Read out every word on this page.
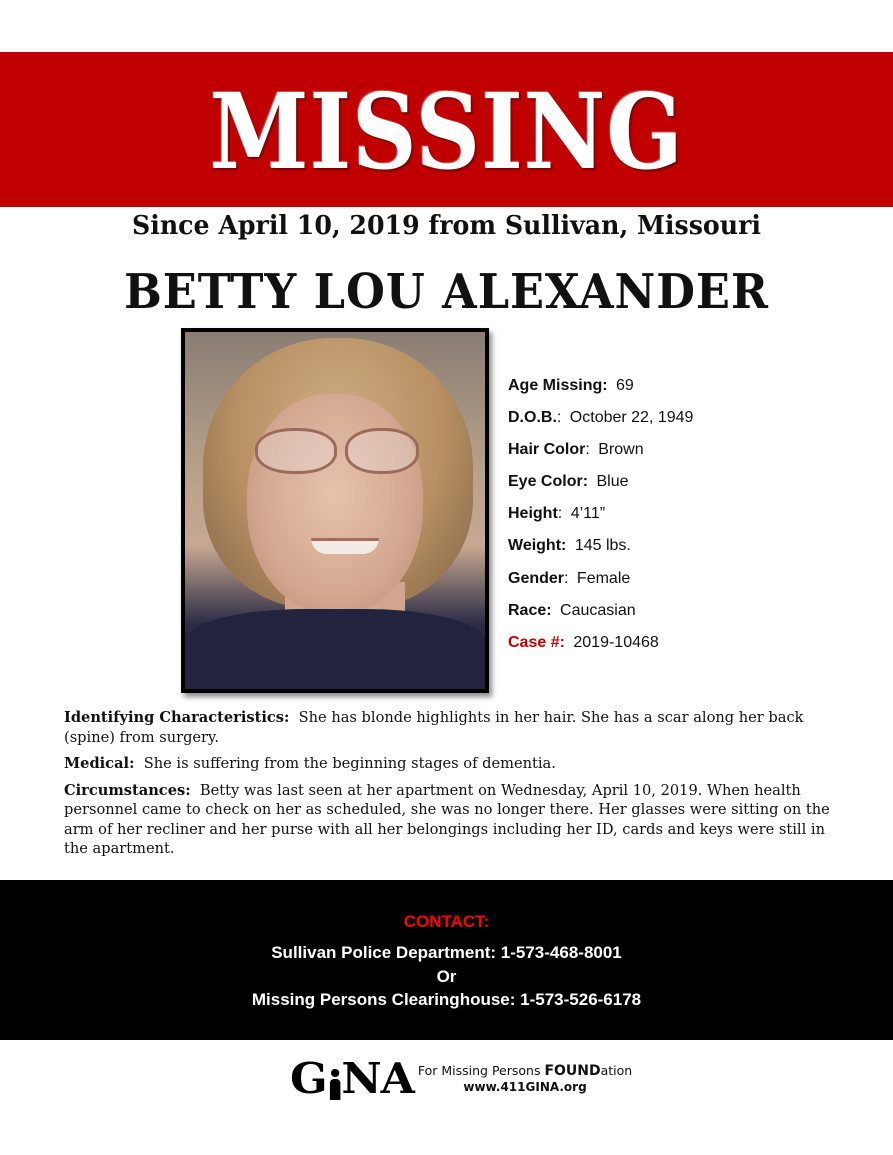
MISSING
Since April 10, 2019 from Sullivan, Missouri
BETTY LOU ALEXANDER
Age Missing: 69
D.O.B.: October 22, 1949
Hair Color: Brown
Eye Color: Blue
Height: 4’11”
Weight: 145 lbs.
Gender: Female
Race: Caucasian
Case #: 2019-10468

Identifying Characteristics: She has blonde highlights in her hair. She has a scar along her back (spine) from surgery.

Medical: She is suffering from the beginning stages of dementia.

Circumstances: Betty was last seen at her apartment on Wednesday, April 10, 2019. When health personnel came to check on her as scheduled, she was no longer there. Her glasses were sitting on the arm of her recliner and her purse with all her belongings including her ID, cards and keys were still in the apartment.

CONTACT:
Sullivan Police Department: 1-573-468-8001
Or
Missing Persons Clearinghouse: 1-573-526-6178
G NA For Missing Persons FOUNDation
www.411GINA.org
